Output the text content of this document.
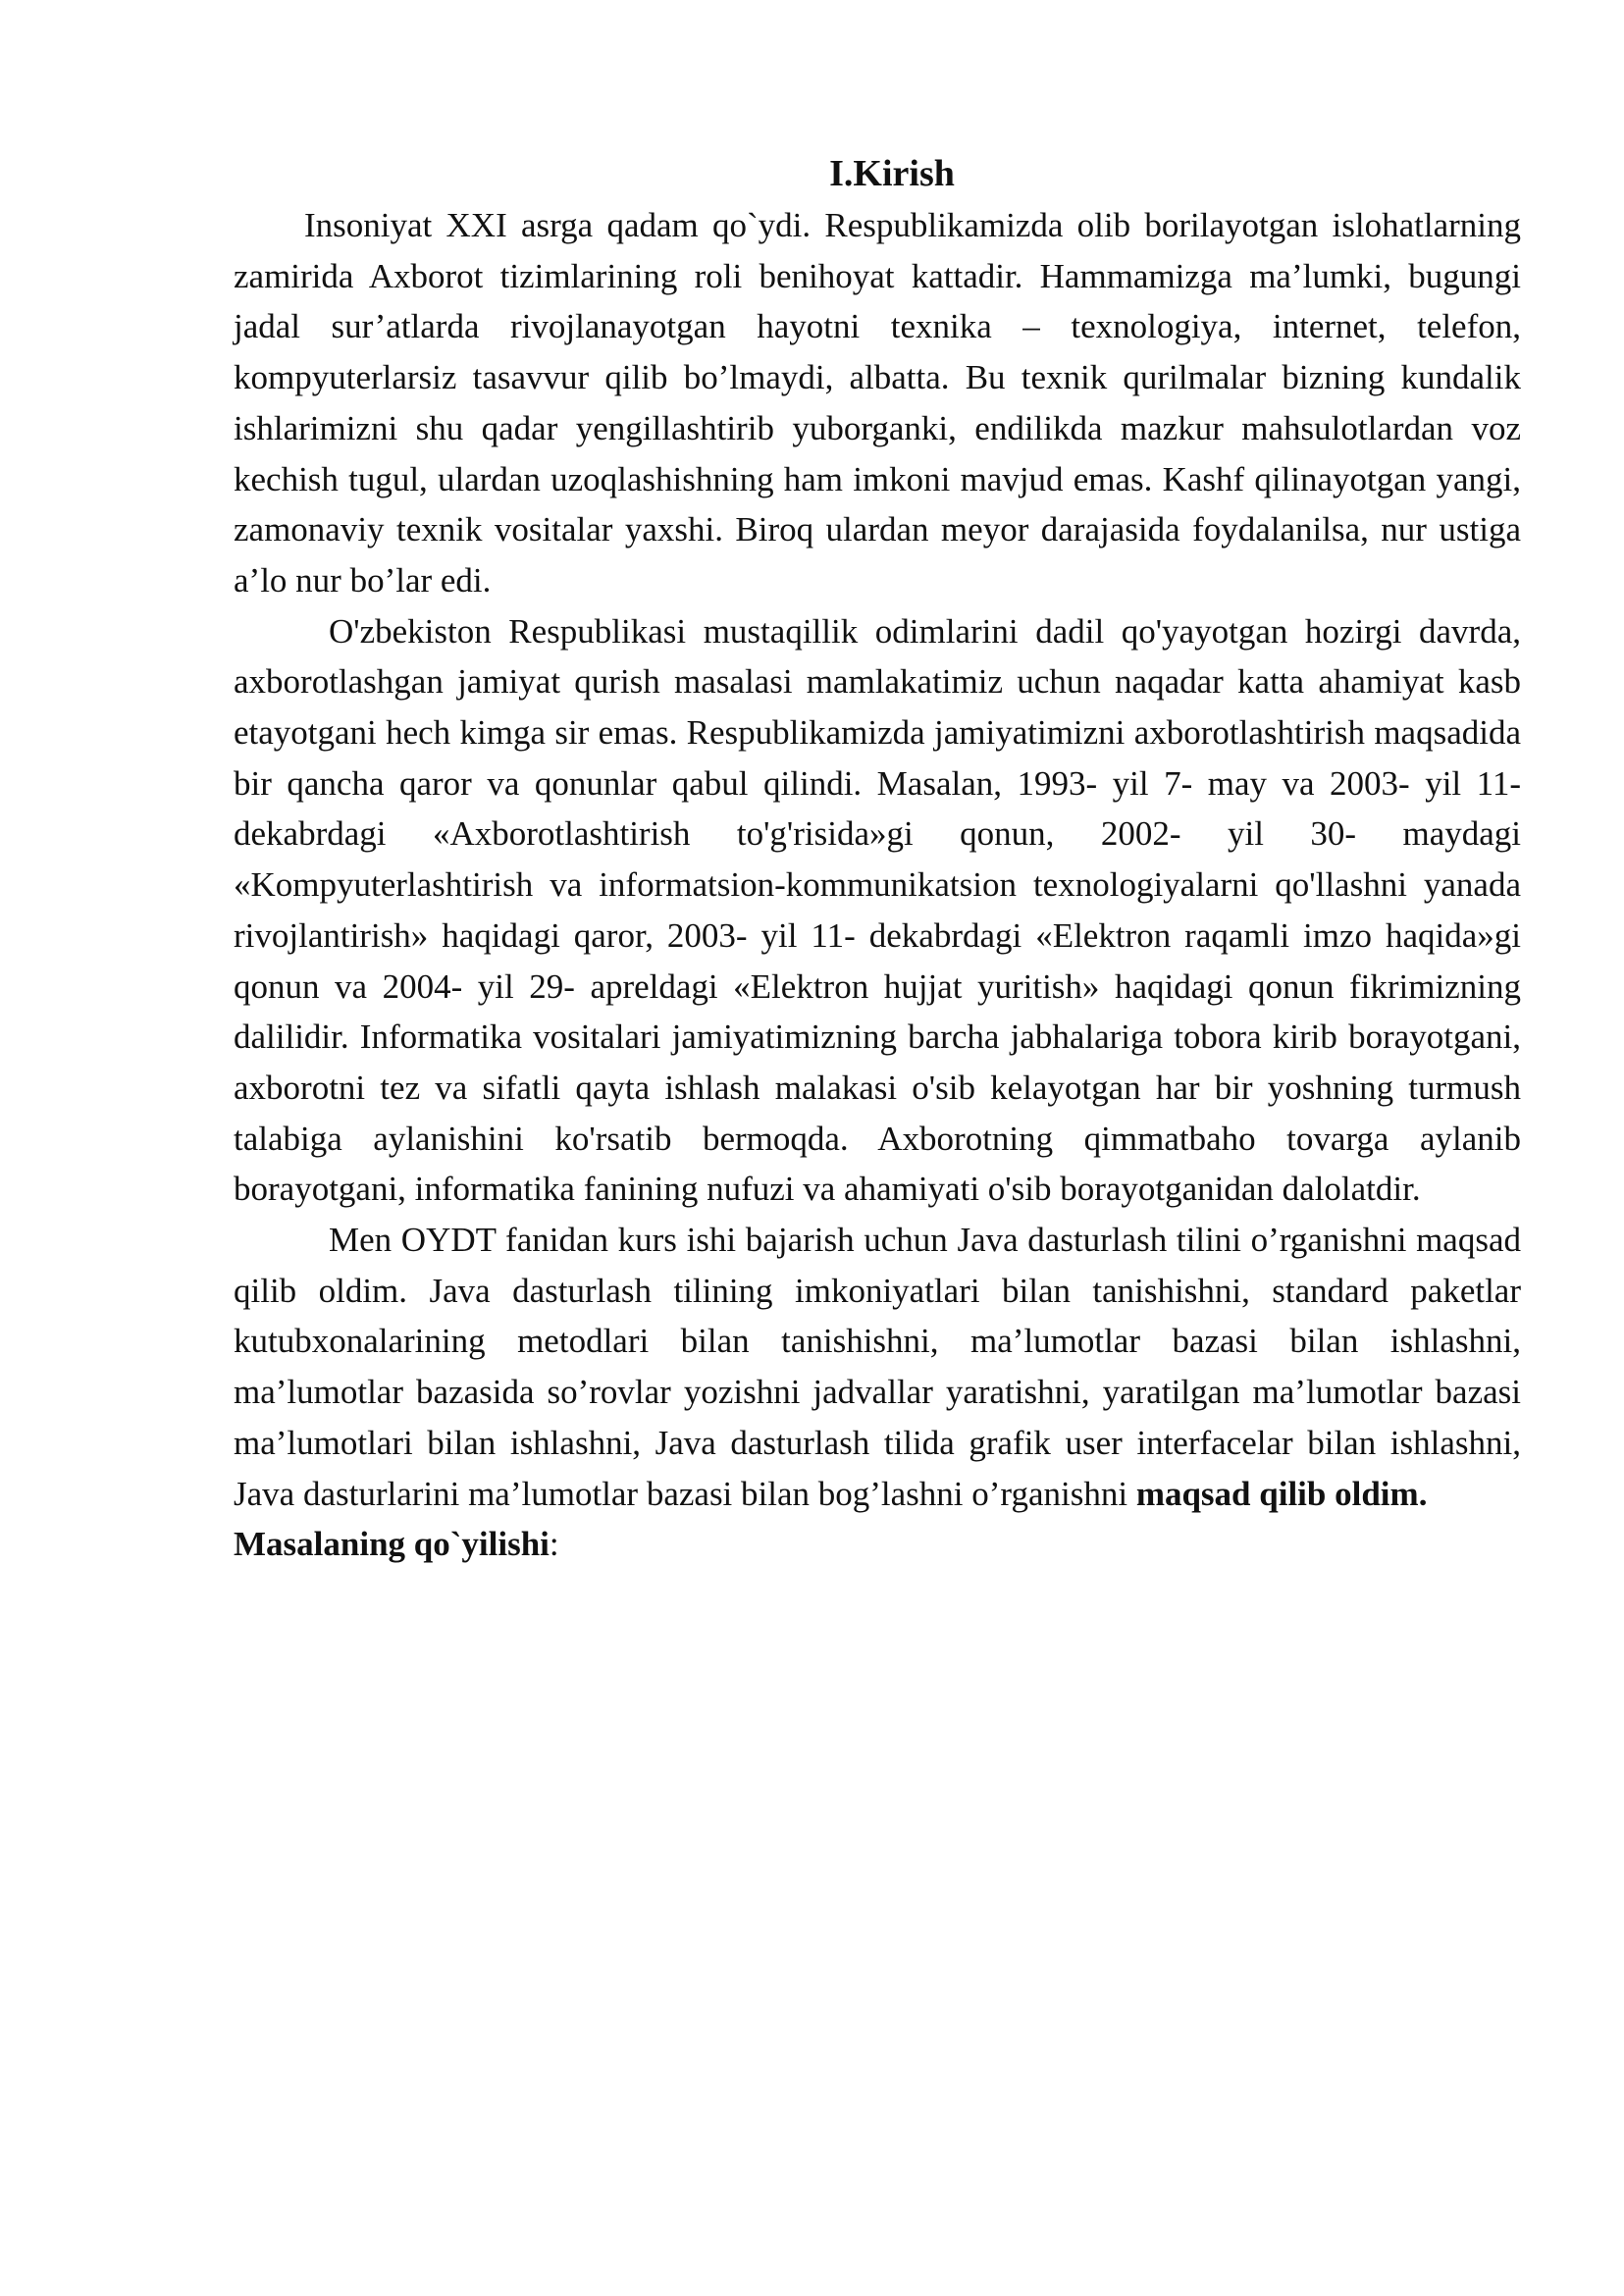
I.Kirish

Insoniyat XXI asrga qadam qo`ydi. Respublikamizda olib borilayotgan islohatlarning zamirida Axborot tizimlarining roli benihoyat kattadir. Hammamizga ma’lumki, bugungi jadal sur’atlarda rivojlanayotgan hayotni texnika – texnologiya, internet, telefon, kompyuterlarsiz tasavvur qilib bo’lmaydi, albatta. Bu texnik qurilmalar bizning kundalik ishlarimizni shu qadar yengillashtirib yuborganki, endilikda mazkur mahsulotlardan voz kechish tugul, ulardan uzoqlashishning ham imkoni mavjud emas. Kashf qilinayotgan yangi, zamonaviy texnik vositalar yaxshi. Biroq ulardan meyor darajasida foydalanilsa, nur ustiga a’lo nur bo’lar edi.

O'zbekiston Respublikasi mustaqillik odimlarini dadil qo'yayotgan hozirgi davrda, axborotlashgan jamiyat qurish masalasi mamlakatimiz uchun naqadar katta ahamiyat kasb etayotgani hech kimga sir emas. Respublikamizda jamiyatimizni axborotlashtirish maqsadida bir qancha qaror va qonunlar qabul qilindi. Masalan, 1993- yil 7- may va 2003- yil 11- dekabrdagi «Axborotlashtirish to'g'risida»gi qonun, 2002- yil 30- maydagi «Kompyuterlashtirish va informatsion-kommunikatsion texnologiyalarni qo'llashni yanada rivojlantirish» haqidagi qaror, 2003- yil 11- dekabrdagi «Elektron raqamli imzo haqida»gi qonun va 2004- yil 29- apreldagi «Elektron hujjat yuritish» haqidagi qonun fikrimizning dalilidir. Informatika vositalari jamiyatimizning barcha jabhalariga tobora kirib borayotgani, axborotni tez va sifatli qayta ishlash malakasi o'sib kelayotgan har bir yoshning turmush talabiga aylanishini ko'rsatib bermoqda. Axborotning qimmatbaho tovarga aylanib borayotgani, informatika fanining nufuzi va ahamiyati o'sib borayotganidan dalolatdir.

Men OYDT fanidan kurs ishi bajarish uchun Java dasturlash tilini o’rganishni maqsad qilib oldim. Java dasturlash tilining imkoniyatlari bilan tanishishni, standard paketlar kutubxonalarining metodlari bilan tanishishni, ma’lumotlar bazasi bilan ishlashni, ma’lumotlar bazasida so’rovlar yozishni jadvallar yaratishni, yaratilgan ma’lumotlar bazasi ma’lumotlari bilan ishlashni, Java dasturlash tilida grafik user interfacelar bilan ishlashni, Java dasturlarini ma’lumotlar bazasi bilan bog’lashni o’rganishni maqsad qilib oldim.

Masalaning qo`yilishi:
